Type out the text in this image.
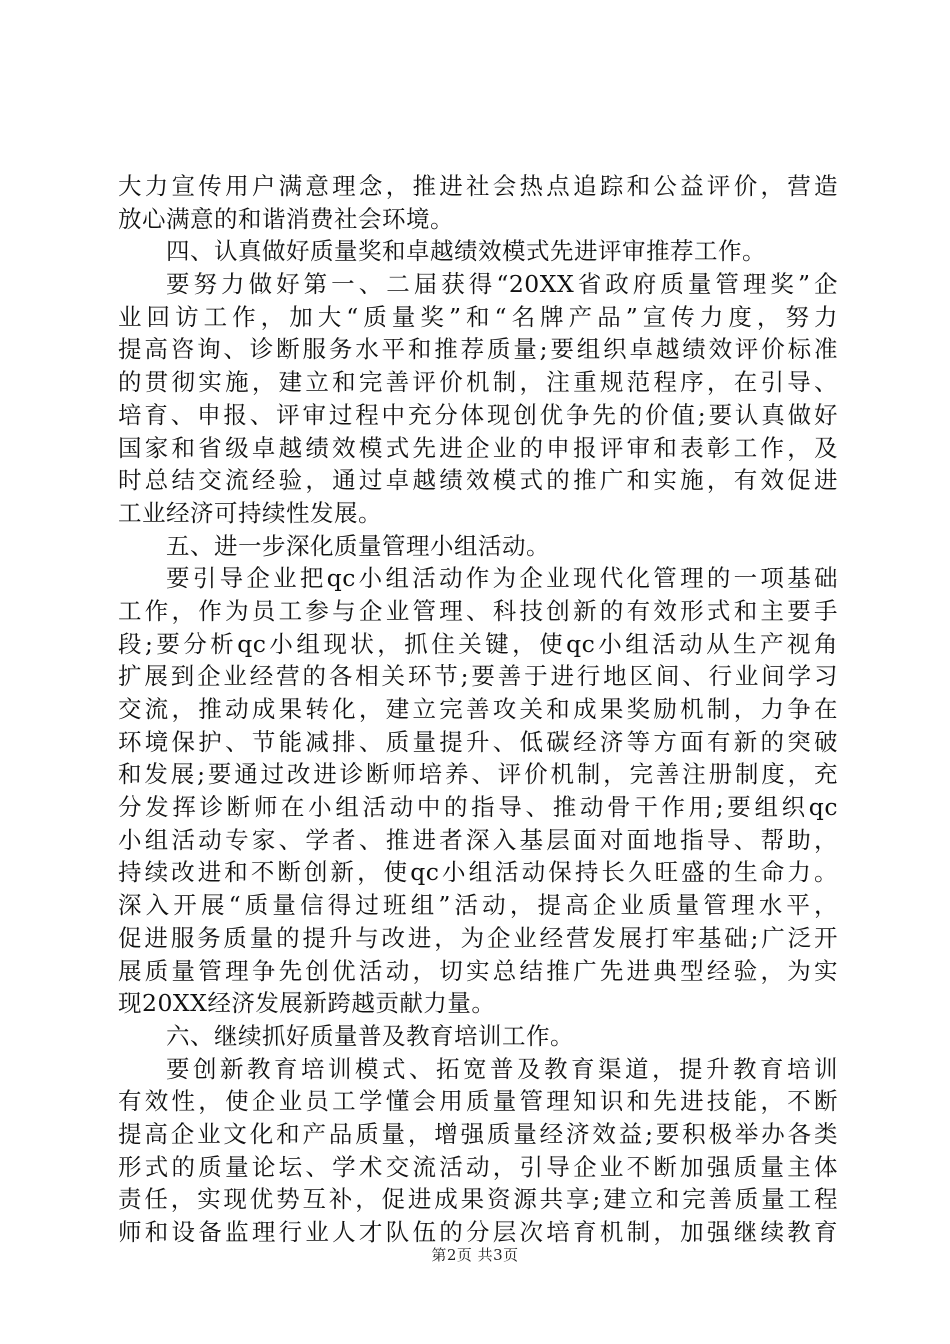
大力宣传用户满意理念，推进社会热点追踪和公益评价，营造
放心满意的和谐消费社会环境。
四、认真做好质量奖和卓越绩效模式先进评审推荐工作。
要努力做好第一、二届获得“20XX省政府质量管理奖”企
业回访工作，加大“质量奖”和“名牌产品”宣传力度，努力
提高咨询、诊断服务水平和推荐质量;要组织卓越绩效评价标准
的贯彻实施，建立和完善评价机制，注重规范程序，在引导、
培育、申报、评审过程中充分体现创优争先的价值;要认真做好
国家和省级卓越绩效模式先进企业的申报评审和表彰工作，及
时总结交流经验，通过卓越绩效模式的推广和实施，有效促进
工业经济可持续性发展。
五、进一步深化质量管理小组活动。
要引导企业把qc小组活动作为企业现代化管理的一项基础
工作，作为员工参与企业管理、科技创新的有效形式和主要手
段;要分析qc小组现状，抓住关键，使qc小组活动从生产视角
扩展到企业经营的各相关环节;要善于进行地区间、行业间学习
交流，推动成果转化，建立完善攻关和成果奖励机制，力争在
环境保护、节能减排、质量提升、低碳经济等方面有新的突破
和发展;要通过改进诊断师培养、评价机制，完善注册制度，充
分发挥诊断师在小组活动中的指导、推动骨干作用;要组织qc
小组活动专家、学者、推进者深入基层面对面地指导、帮助，
持续改进和不断创新，使qc小组活动保持长久旺盛的生命力。
深入开展“质量信得过班组”活动，提高企业质量管理水平，
促进服务质量的提升与改进，为企业经营发展打牢基础;广泛开
展质量管理争先创优活动，切实总结推广先进典型经验，为实
现20XX经济发展新跨越贡献力量。
六、继续抓好质量普及教育培训工作。
要创新教育培训模式、拓宽普及教育渠道，提升教育培训
有效性，使企业员工学懂会用质量管理知识和先进技能，不断
提高企业文化和产品质量，增强质量经济效益;要积极举办各类
形式的质量论坛、学术交流活动，引导企业不断加强质量主体
责任，实现优势互补，促进成果资源共享;建立和完善质量工程
师和设备监理行业人才队伍的分层次培育机制，加强继续教育
第2页 共3页
